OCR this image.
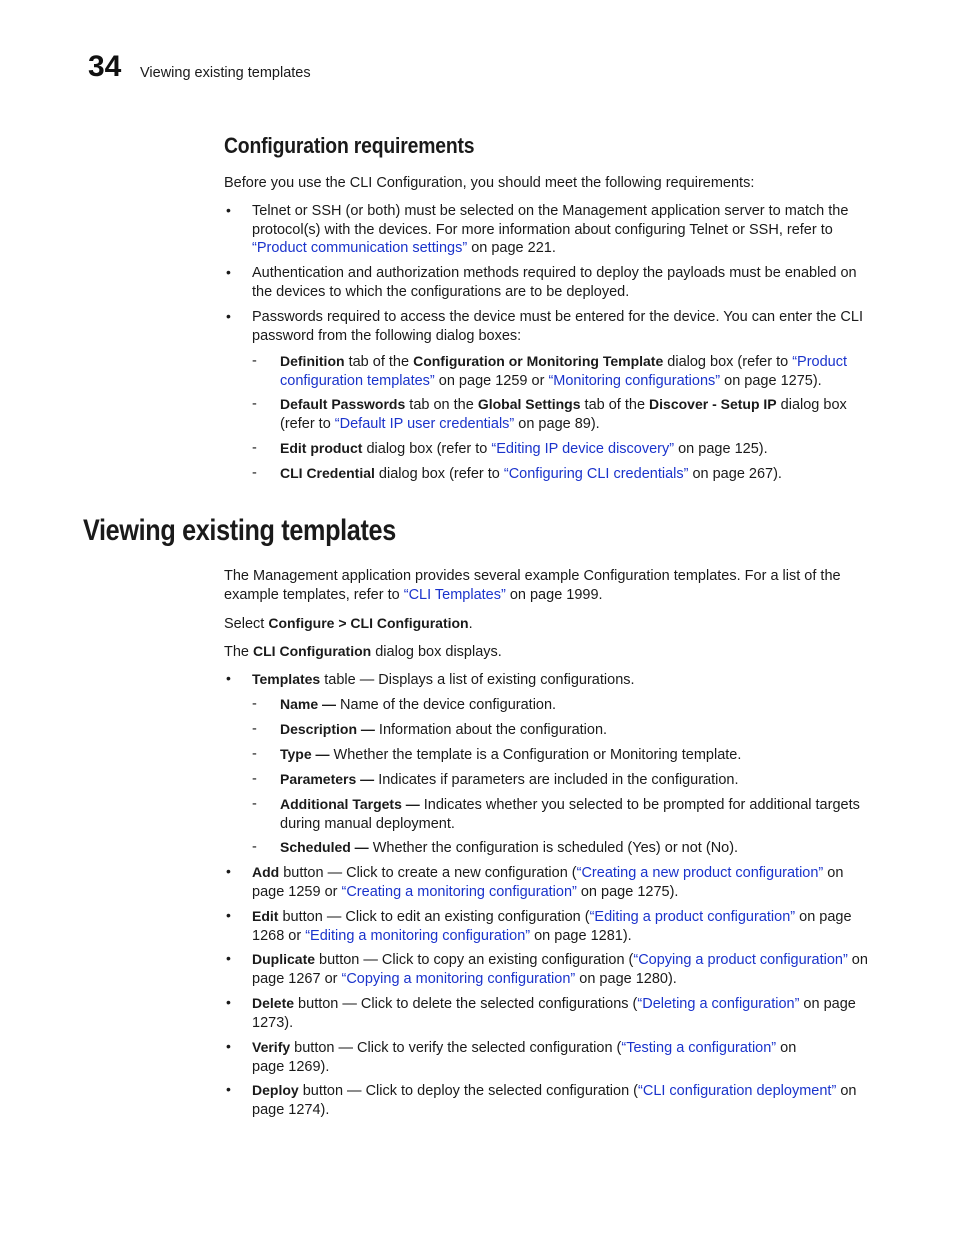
34 Viewing existing templates
Configuration requirements
Before you use the CLI Configuration, you should meet the following requirements:
• Telnet or SSH (or both) must be selected on the Management application server to match the protocol(s) with the devices. For more information about configuring Telnet or SSH, refer to “Product communication settings” on page 221.
• Authentication and authorization methods required to deploy the payloads must be enabled on the devices to which the configurations are to be deployed.
• Passwords required to access the device must be entered for the device. You can enter the CLI password from the following dialog boxes:
- Definition tab of the Configuration or Monitoring Template dialog box (refer to “Product configuration templates” on page 1259 or “Monitoring configurations” on page 1275).
- Default Passwords tab on the Global Settings tab of the Discover - Setup IP dialog box (refer to “Default IP user credentials” on page 89).
- Edit product dialog box (refer to “Editing IP device discovery” on page 125).
- CLI Credential dialog box (refer to “Configuring CLI credentials” on page 267).
Viewing existing templates
The Management application provides several example Configuration templates. For a list of the example templates, refer to “CLI Templates” on page 1999.
Select Configure > CLI Configuration.
The CLI Configuration dialog box displays.
• Templates table — Displays a list of existing configurations.
- Name — Name of the device configuration.
- Description — Information about the configuration.
- Type — Whether the template is a Configuration or Monitoring template.
- Parameters — Indicates if parameters are included in the configuration.
- Additional Targets — Indicates whether you selected to be prompted for additional targets during manual deployment.
- Scheduled — Whether the configuration is scheduled (Yes) or not (No).
• Add button — Click to create a new configuration (“Creating a new product configuration” on page 1259 or “Creating a monitoring configuration” on page 1275).
• Edit button — Click to edit an existing configuration (“Editing a product configuration” on page 1268 or “Editing a monitoring configuration” on page 1281).
• Duplicate button — Click to copy an existing configuration (“Copying a product configuration” on page 1267 or “Copying a monitoring configuration” on page 1280).
• Delete button — Click to delete the selected configurations (“Deleting a configuration” on page 1273).
• Verify button — Click to verify the selected configuration (“Testing a configuration” on page 1269).
• Deploy button — Click to deploy the selected configuration (“CLI configuration deployment” on page 1274).
